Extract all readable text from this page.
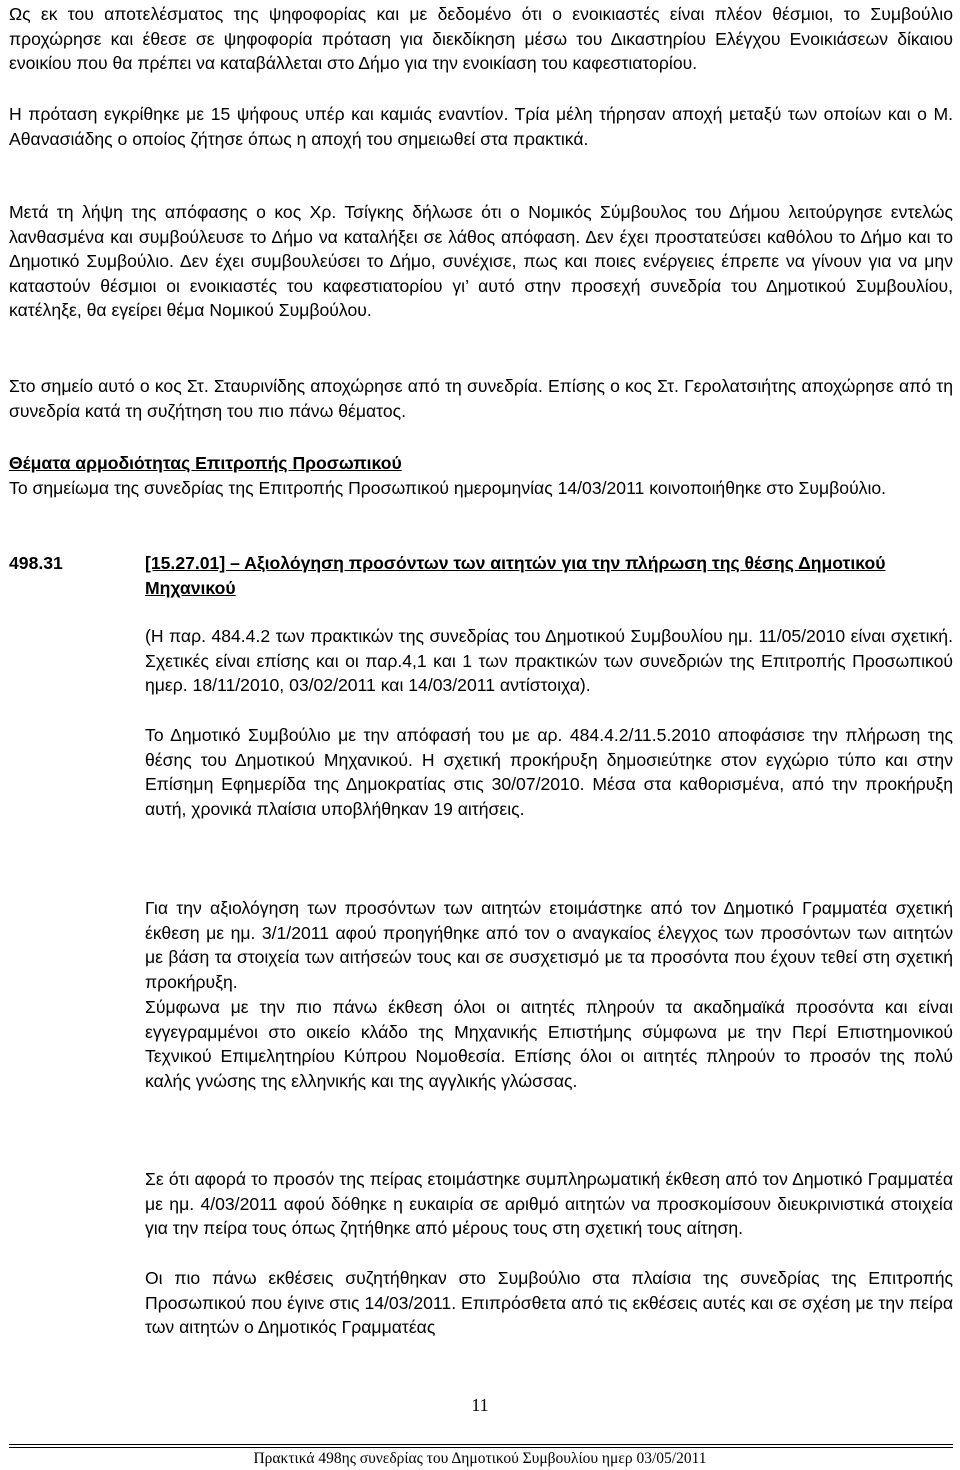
Ως εκ του αποτελέσματος της ψηφοφορίας και με δεδομένο ότι ο ενοικιαστές είναι πλέον θέσμιοι, το Συμβούλιο προχώρησε και έθεσε σε ψηφοφορία πρόταση για διεκδίκηση μέσω του Δικαστηρίου Ελέγχου Ενοικιάσεων δίκαιου ενοικίου που θα πρέπει να καταβάλλεται στο Δήμο για την ενοικίαση του καφεστιατορίου.

Η πρόταση εγκρίθηκε με 15 ψήφους υπέρ και καμιάς εναντίον. Τρία μέλη τήρησαν αποχή μεταξύ των οποίων και ο Μ. Αθανασιάδης ο οποίος ζήτησε όπως η αποχή του σημειωθεί στα πρακτικά.

Μετά τη λήψη της απόφασης ο κος Χρ. Τσίγκης δήλωσε ότι ο Νομικός Σύμβουλος του Δήμου λειτούργησε εντελώς λανθασμένα και συμβούλευσε το Δήμο να καταλήξει σε λάθος απόφαση. Δεν έχει προστατεύσει καθόλου το Δήμο και το Δημοτικό Συμβούλιο. Δεν έχει συμβουλεύσει το Δήμο, συνέχισε, πως και ποιες ενέργειες έπρεπε να γίνουν για να μην καταστούν θέσμιοι οι ενοικιαστές του καφεστιατορίου γι’ αυτό στην προσεχή συνεδρία του Δημοτικού Συμβουλίου, κατέληξε, θα εγείρει θέμα Νομικού Συμβούλου.

Στο σημείο αυτό ο κος Στ. Σταυρινίδης αποχώρησε από τη συνεδρία. Επίσης ο κος Στ. Γερολατσιήτης αποχώρησε από τη συνεδρία κατά τη συζήτηση του πιο πάνω θέματος.

Θέματα αρμοδιότητας Επιτροπής Προσωπικού

Το σημείωμα της συνεδρίας της Επιτροπής Προσωπικού ημερομηνίας 14/03/2011 κοινοποιήθηκε στο Συμβούλιο.

498.31	[15.27.01] – Αξιολόγηση προσόντων των αιτητών για την πλήρωση της θέσης Δημοτικού Μηχανικού

(Η παρ. 484.4.2 των πρακτικών της συνεδρίας του Δημοτικού Συμβουλίου ημ. 11/05/2010 είναι σχετική. Σχετικές είναι επίσης και οι παρ.4,1 και 1 των πρακτικών των συνεδριών της Επιτροπής Προσωπικού ημερ. 18/11/2010, 03/02/2011 και 14/03/2011 αντίστοιχα).

Το Δημοτικό Συμβούλιο με την απόφασή του με αρ. 484.4.2/11.5.2010 αποφάσισε την πλήρωση της θέσης του Δημοτικού Μηχανικού. Η σχετική προκήρυξη δημοσιεύτηκε στον εγχώριο τύπο και στην Επίσημη Εφημερίδα της Δημοκρατίας στις 30/07/2010. Μέσα στα καθορισμένα, από την προκήρυξη αυτή, χρονικά πλαίσια υποβλήθηκαν 19 αιτήσεις.

Για την αξιολόγηση των προσόντων των αιτητών ετοιμάστηκε από τον Δημοτικό Γραμματέα σχετική έκθεση με ημ. 3/1/2011 αφού προηγήθηκε από τον ο αναγκαίος έλεγχος των προσόντων των αιτητών με βάση τα στοιχεία των αιτήσεών τους και σε συσχετισμό με τα προσόντα που έχουν τεθεί στη σχετική προκήρυξη.

Σύμφωνα με την πιο πάνω έκθεση όλοι οι αιτητές πληρούν τα ακαδημαϊκά προσόντα και είναι εγγεγραμμένοι στο οικείο κλάδο της Μηχανικής Επιστήμης σύμφωνα με την Περί Επιστημονικού Τεχνικού Επιμελητηρίου Κύπρου Νομοθεσία. Επίσης όλοι οι αιτητές πληρούν το προσόν της πολύ καλής γνώσης της ελληνικής και της αγγλικής γλώσσας.

Σε ότι αφορά το προσόν της πείρας ετοιμάστηκε συμπληρωματική έκθεση από τον Δημοτικό Γραμματέα με ημ. 4/03/2011 αφού δόθηκε η ευκαιρία σε αριθμό αιτητών να προσκομίσουν διευκρινιστικά στοιχεία για την πείρα τους όπως ζητήθηκε από μέρους τους στη σχετική τους αίτηση.

Οι πιο πάνω εκθέσεις συζητήθηκαν στο Συμβούλιο στα πλαίσια της συνεδρίας της Επιτροπής Προσωπικού που έγινε στις 14/03/2011. Επιπρόσθετα από τις εκθέσεις αυτές και σε σχέση με την πείρα των αιτητών ο Δημοτικός Γραμματέας

11
Πρακτικά 498ης συνεδρίας του Δημοτικού Συμβουλίου ημερ 03/05/2011
